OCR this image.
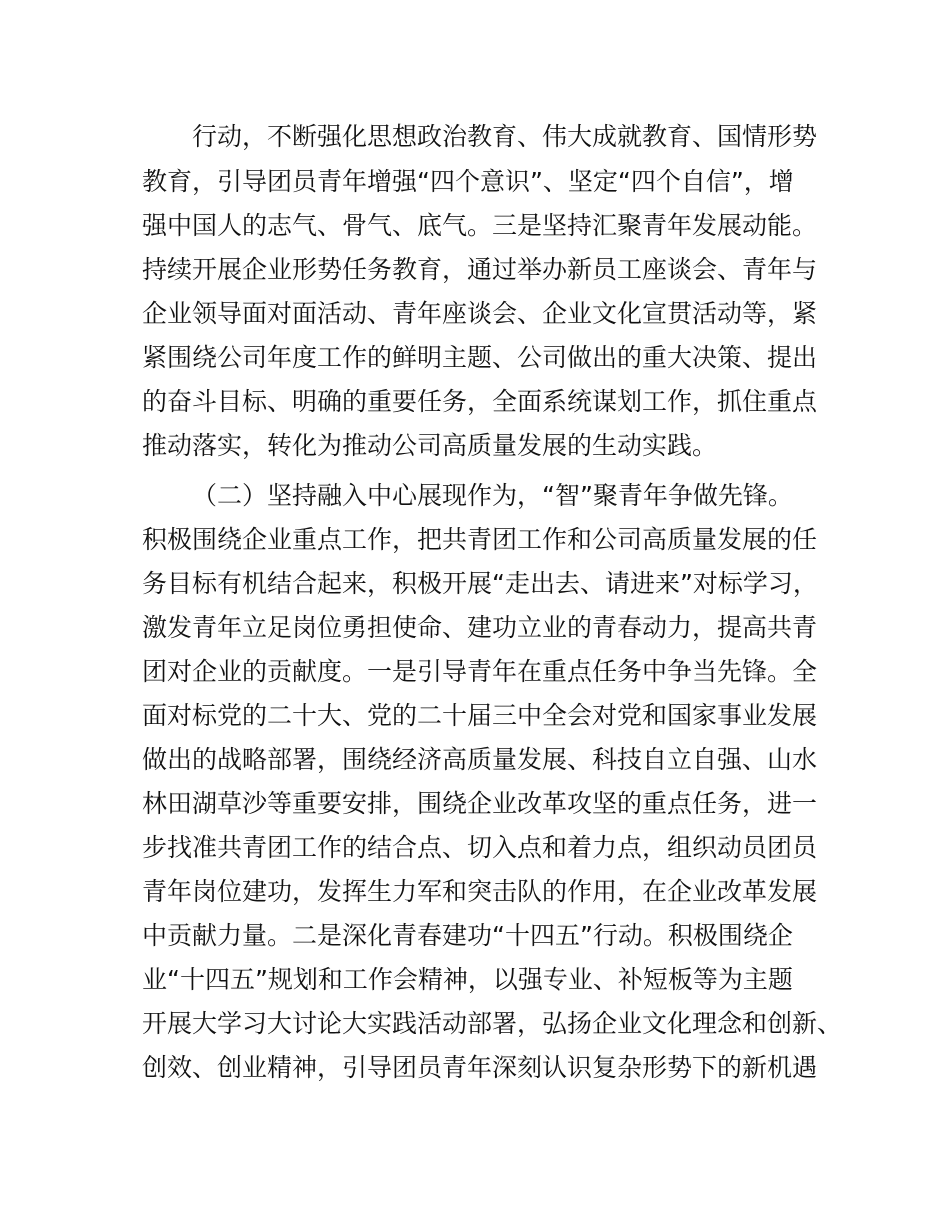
行动，不断强化思想政治教育、伟大成就教育、国情形势
教育，引导团员青年增强“四个意识”、坚定“四个自信”，增
强中国人的志气、骨气、底气。三是坚持汇聚青年发展动能。
持续开展企业形势任务教育，通过举办新员工座谈会、青年与
企业领导面对面活动、青年座谈会、企业文化宣贯活动等，紧
紧围绕公司年度工作的鲜明主题、公司做出的重大决策、提出
的奋斗目标、明确的重要任务，全面系统谋划工作，抓住重点
推动落实，转化为推动公司高质量发展的生动实践。
（二）坚持融入中心展现作为，“智”聚青年争做先锋。
积极围绕企业重点工作，把共青团工作和公司高质量发展的任
务目标有机结合起来，积极开展“走出去、请进来”对标学习，
激发青年立足岗位勇担使命、建功立业的青春动力，提高共青
团对企业的贡献度。一是引导青年在重点任务中争当先锋。全
面对标党的二十大、党的二十届三中全会对党和国家事业发展
做出的战略部署，围绕经济高质量发展、科技自立自强、山水
林田湖草沙等重要安排，围绕企业改革攻坚的重点任务，进一
步找准共青团工作的结合点、切入点和着力点，组织动员团员
青年岗位建功，发挥生力军和突击队的作用，在企业改革发展
中贡献力量。二是深化青春建功“十四五”行动。积极围绕企
业“十四五”规划和工作会精神，以强专业、补短板等为主题
开展大学习大讨论大实践活动部署，弘扬企业文化理念和创新、
创效、创业精神，引导团员青年深刻认识复杂形势下的新机遇
